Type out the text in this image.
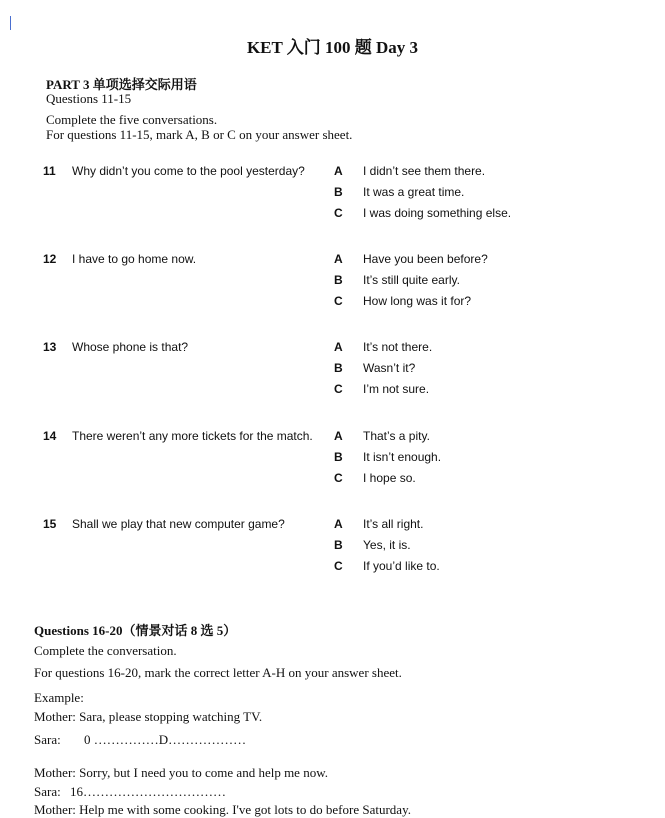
KET 入门 100 题 Day 3
PART 3 单项选择交际用语
Questions 11-15
Complete the five conversations.
For questions 11-15, mark A, B or C on your answer sheet.
11 Why didn’t you come to the pool yesterday? A I didn’t see them there.
B It was a great time.
C I was doing something else.
12 I have to go home now.	A Have you been before?
B It’s still quite early.
C How long was it for?
13 Whose phone is that?	A It’s not there.
B Wasn’t it?
C I’m not sure.
14 There weren’t any more tickets for the match. A That’s a pity.
B It isn’t enough.
C I hope so.
15 Shall we play that new computer game?	A It’s all right.
B Yes, it is.
C If you’d like to.
Questions 16-20（情景对话 8 选 5）
Complete the conversation.
For questions 16-20, mark the correct letter A-H on your answer sheet.
Example:
Mother: Sara, please stopping watching TV.
Sara: 0 ……………D………………
Mother: Sorry, but I need you to come and help me now.
Sara: 16……………………………
Mother: Help me with some cooking. I've got lots to do before Saturday.
